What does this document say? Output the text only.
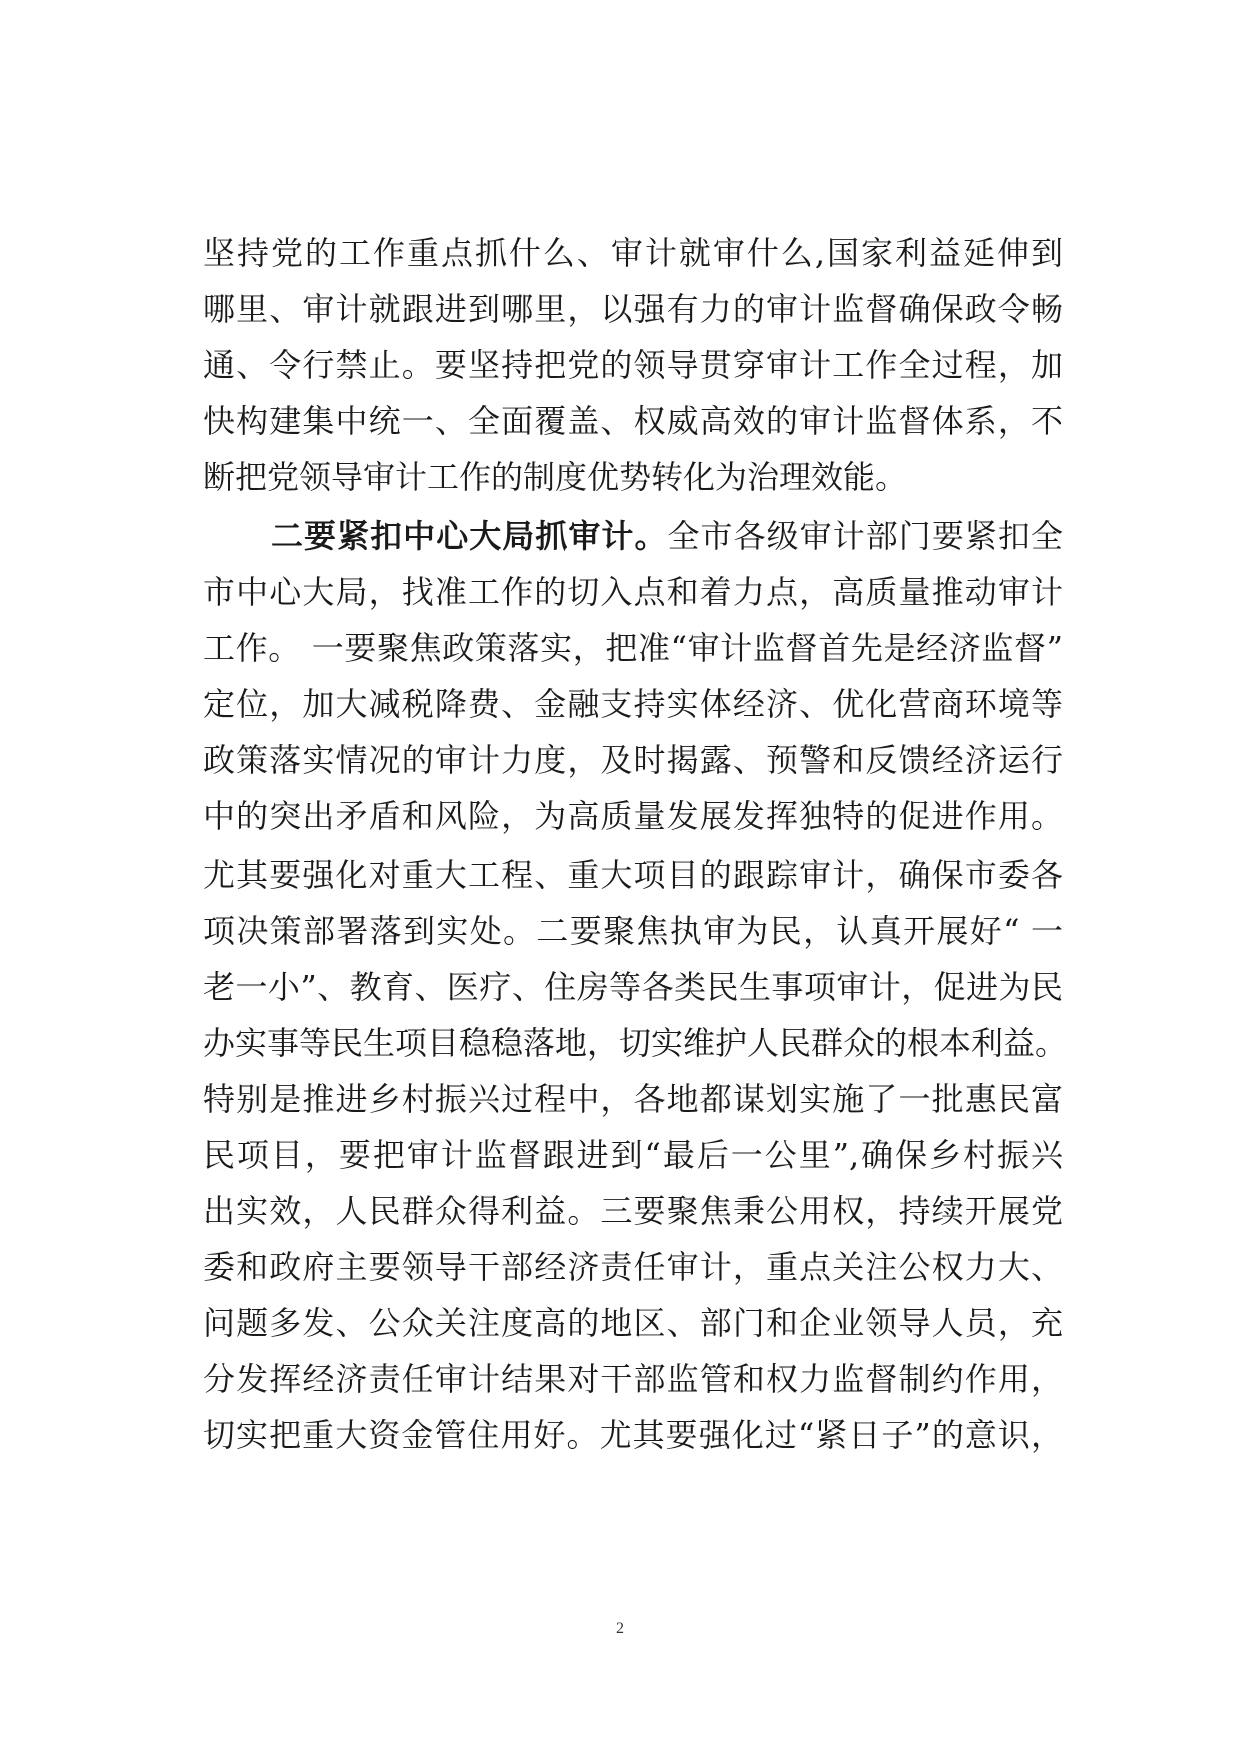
坚持党的工作重点抓什么、审计就审什么,国家利益延伸到
哪里、审计就跟进到哪里，以强有力的审计监督确保政令畅
通、令行禁止。要坚持把党的领导贯穿审计工作全过程，加
快构建集中统一、全面覆盖、权威高效的审计监督体系，不
断把党领导审计工作的制度优势转化为治理效能。
二要紧扣中心大局抓审计。全市各级审计部门要紧扣全
市中心大局，找准工作的切入点和着力点，高质量推动审计
工作。 一要聚焦政策落实，把准“审计监督首先是经济监督”
定位，加大减税降费、金融支持实体经济、优化营商环境等
政策落实情况的审计力度，及时揭露、预警和反馈经济运行
中的突出矛盾和风险，为高质量发展发挥独特的促进作用。
尤其要强化对重大工程、重大项目的跟踪审计，确保市委各
项决策部署落到实处。二要聚焦执审为民，认真开展好“ 一
老一小”、教育、医疗、住房等各类民生事项审计，促进为民
办实事等民生项目稳稳落地，切实维护人民群众的根本利益。
特别是推进乡村振兴过程中，各地都谋划实施了一批惠民富
民项目，要把审计监督跟进到“最后一公里”,确保乡村振兴
出实效，人民群众得利益。三要聚焦秉公用权，持续开展党
委和政府主要领导干部经济责任审计，重点关注公权力大、
问题多发、公众关注度高的地区、部门和企业领导人员，充
分发挥经济责任审计结果对干部监管和权力监督制约作用，
切实把重大资金管住用好。尤其要强化过“紧日子”的意识，
2
